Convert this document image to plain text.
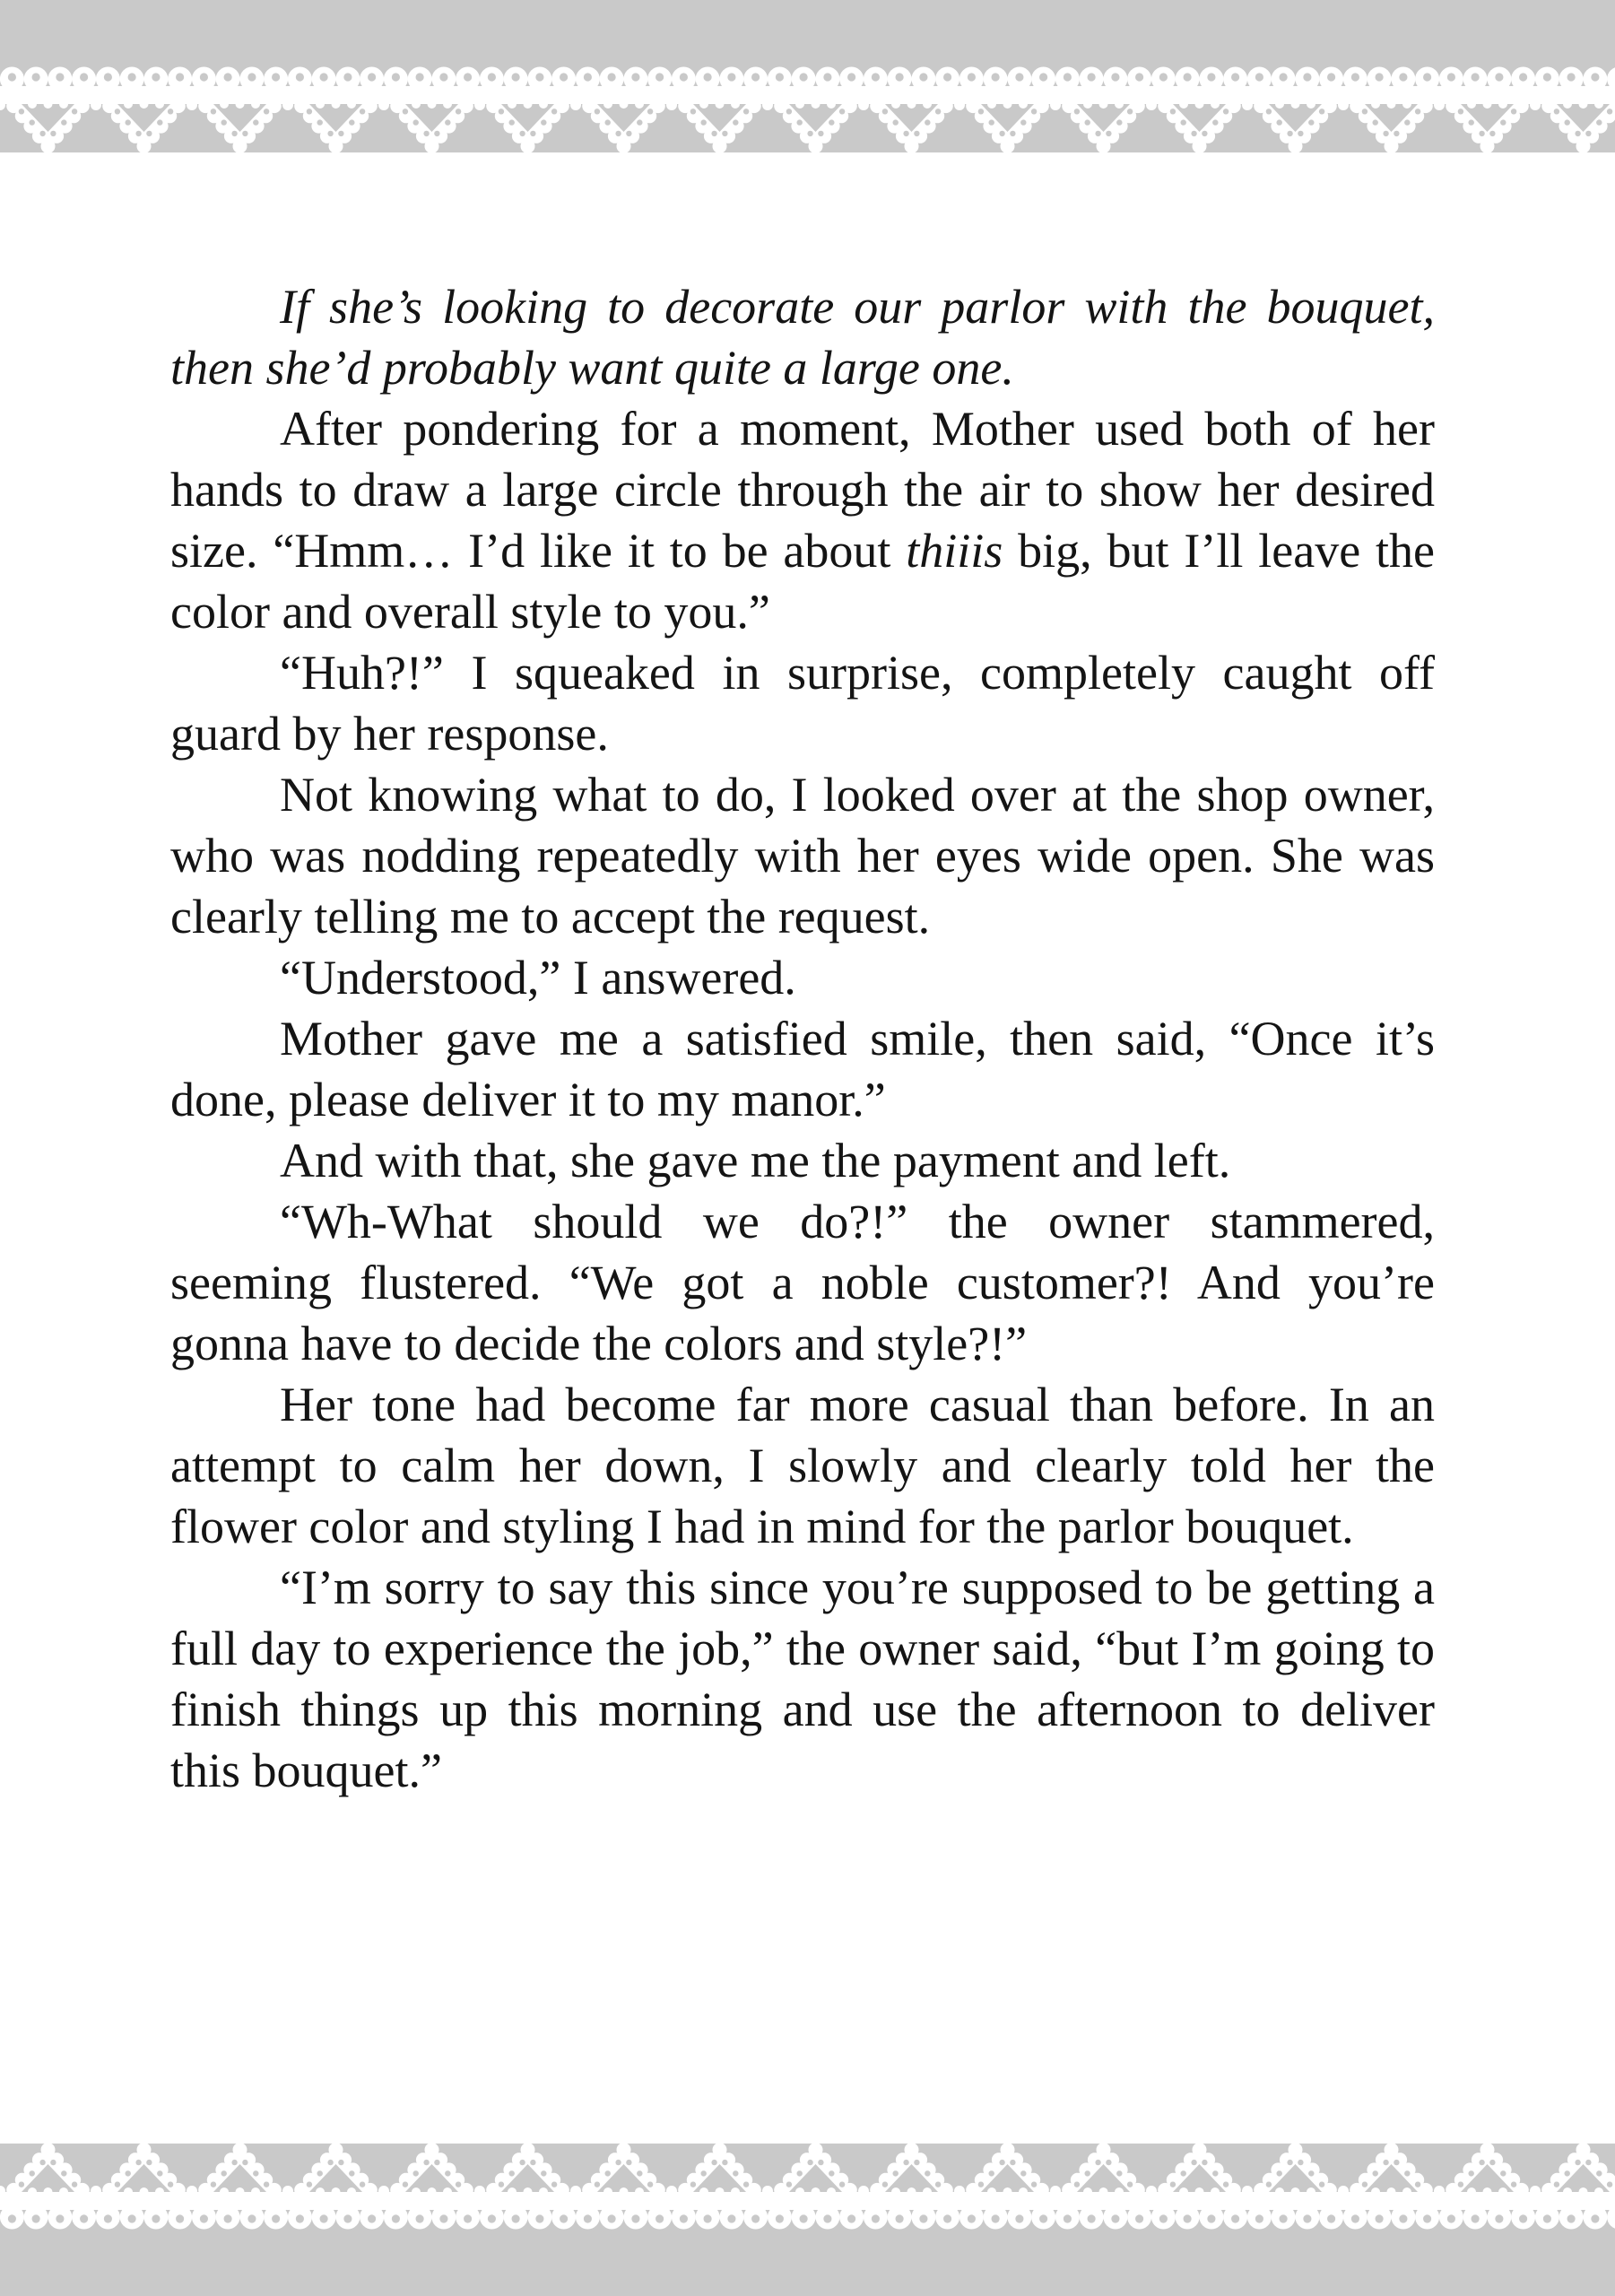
If she’s looking to decorate our parlor with the bouquet, then she’d probably want quite a large one.

After pondering for a moment, Mother used both of her hands to draw a large circle through the air to show her desired size. “Hmm… I’d like it to be about thiiis big, but I’ll leave the color and overall style to you.”

“Huh?!” I squeaked in surprise, completely caught off guard by her response.

Not knowing what to do, I looked over at the shop owner, who was nodding repeatedly with her eyes wide open. She was clearly telling me to accept the request.

“Understood,” I answered.

Mother gave me a satisfied smile, then said, “Once it’s done, please deliver it to my manor.”

And with that, she gave me the payment and left.

“Wh-What should we do?!” the owner stammered, seeming flustered. “We got a noble customer?! And you’re gonna have to decide the colors and style?!”

Her tone had become far more casual than before. In an attempt to calm her down, I slowly and clearly told her the flower color and styling I had in mind for the parlor bouquet.

“I’m sorry to say this since you’re supposed to be getting a full day to experience the job,” the owner said, “but I’m going to finish things up this morning and use the afternoon to deliver this bouquet.”
